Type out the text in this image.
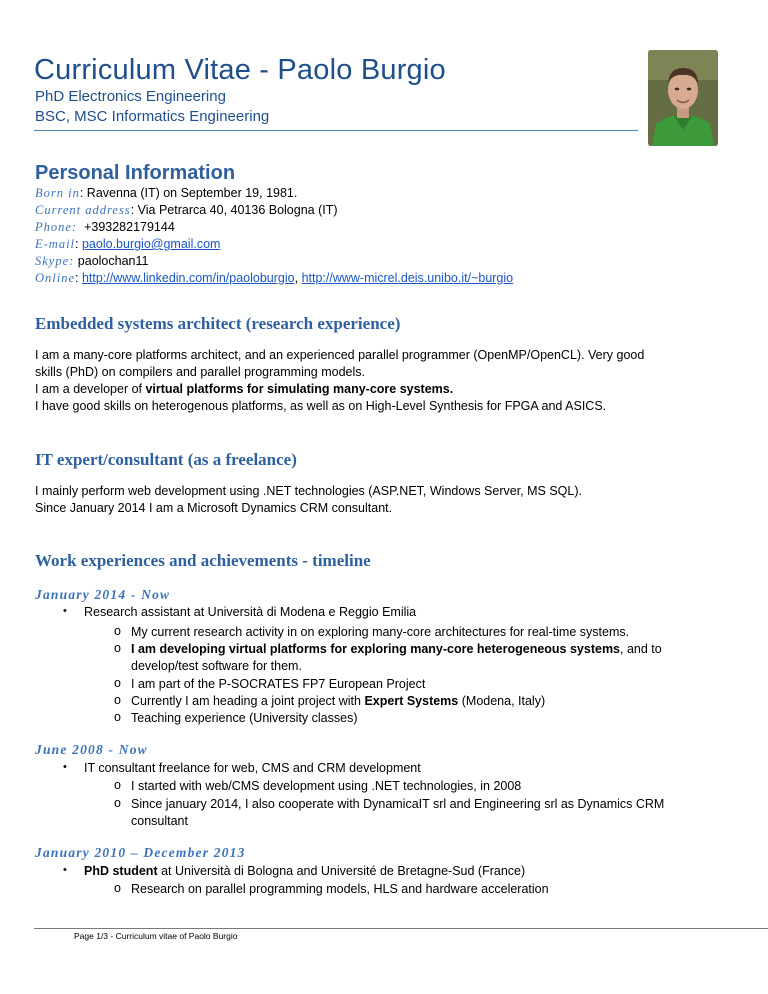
Curriculum Vitae - Paolo Burgio
PhD Electronics Engineering
BSC, MSC Informatics Engineering
Personal Information
Born in: Ravenna (IT) on September 19, 1981.
Current address: Via Petrarca 40, 40136 Bologna (IT)
Phone: +393282179144
E-mail: paolo.burgio@gmail.com
Skype: paolochan11
Online: http://www.linkedin.com/in/paoloburgio, http://www-micrel.deis.unibo.it/~burgio
Embedded systems architect (research experience)
I am a many-core platforms architect, and an experienced parallel programmer (OpenMP/OpenCL). Very good
skills (PhD) on compilers and parallel programming models.
I am a developer of virtual platforms for simulating many-core systems.
I have good skills on heterogenous platforms, as well as on High-Level Synthesis for FPGA and ASICS.
IT expert/consultant (as a freelance)
I mainly perform web development using .NET technologies (ASP.NET, Windows Server, MS SQL).
Since January 2014 I am a Microsoft Dynamics CRM consultant.
Work experiences and achievements - timeline
January 2014 - Now
• Research assistant at Università di Modena e Reggio Emilia
o My current research activity in on exploring many-core architectures for real-time systems.
o I am developing virtual platforms for exploring many-core heterogeneous systems, and to
develop/test software for them.
o I am part of the P-SOCRATES FP7 European Project
o Currently I am heading a joint project with Expert Systems (Modena, Italy)
o Teaching experience (University classes)
June 2008 - Now
• IT consultant freelance for web, CMS and CRM development
o I started with web/CMS development using .NET technologies, in 2008
o Since january 2014, I also cooperate with DynamicaIT srl and Engineering srl as Dynamics CRM
consultant
January 2010 – December 2013
• PhD student at Università di Bologna and Université de Bretagne-Sud (France)
o Research on parallel programming models, HLS and hardware acceleration
Page 1/3 - Curriculum vitae of Paolo Burgio
